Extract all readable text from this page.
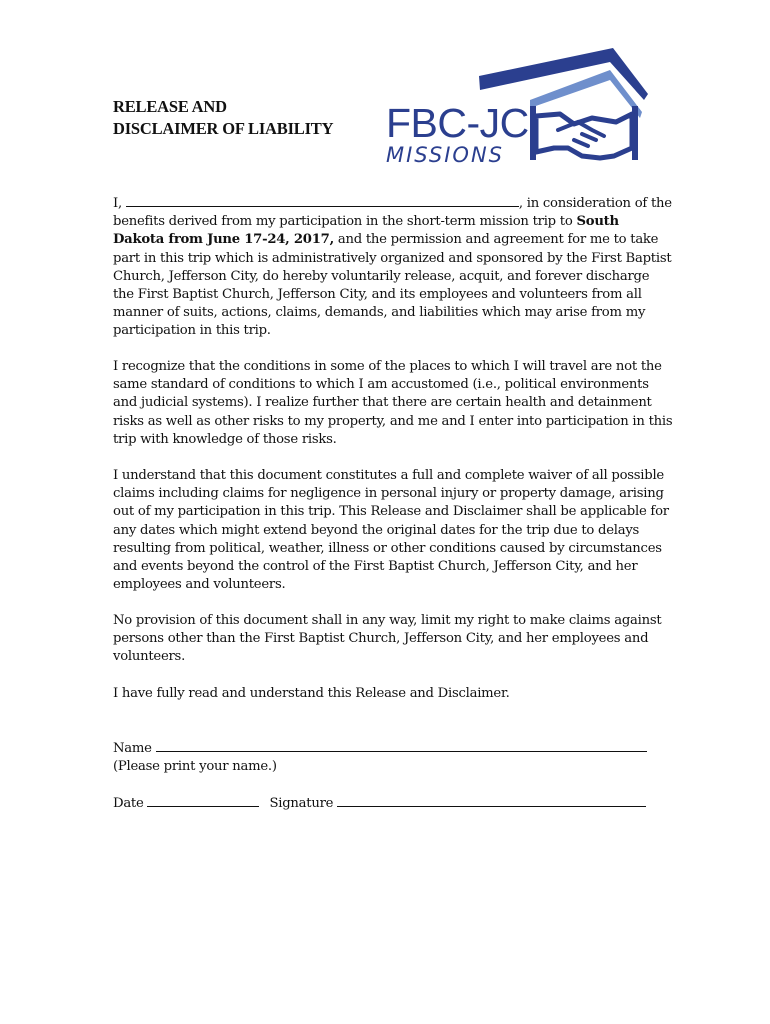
RELEASE AND
DISCLAIMER OF LIABILITY FBC-JC
MISSIONS

I,	, in consideration of the benefits derived from my participation in the short-term mission trip to South Dakota from June 17-24, 2017, and the permission and agreement for me to take part in this trip which is administratively organized and sponsored by the First Baptist Church, Jefferson City, do hereby voluntarily release, acquit, and forever discharge the First Baptist Church, Jefferson City, and its employees and volunteers from all manner of suits, actions, claims, demands, and liabilities which may arise from my participation in this trip.

I recognize that the conditions in some of the places to which I will travel are not the same standard of conditions to which I am accustomed (i.e., political environments and judicial systems). I realize further that there are certain health and detainment risks as well as other risks to my property, and me and I enter into participation in this trip with knowledge of those risks.

I understand that this document constitutes a full and complete waiver of all possible claims including claims for negligence in personal injury or property damage, arising out of my participation in this trip. This Release and Disclaimer shall be applicable for any dates which might extend beyond the original dates for the trip due to delays resulting from political, weather, illness or other conditions caused by circumstances and events beyond the control of the First Baptist Church, Jefferson City, and her employees and volunteers.

No provision of this document shall in any way, limit my right to make claims against persons other than the First Baptist Church, Jefferson City, and her employees and volunteers.

I have fully read and understand this Release and Disclaimer.

Name
(Please print your name.)
Date	Signature
